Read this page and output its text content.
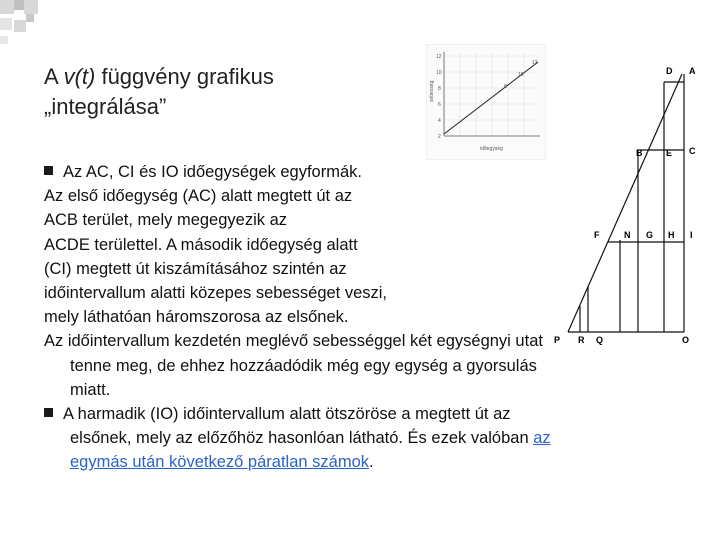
A v(t) függvény grafikus
„integrálása”
12
10
8
6
4
2
8
10
12
időegység
sebesség
D A
B	E C
F	N G H I
P R Q	O
Az AC, CI és IO időegységek egyformák.
Az első időegység (AC) alatt megtett út az
ACB terület, mely megegyezik az
ACDE területtel. A második időegység alatt
(CI) megtett út kiszámításához szintén az
időintervallum alatti közepes sebességet veszi,
mely láthatóan háromszorosa az elsőnek.
Az időintervallum kezdetén meglévő sebességgel két egységnyi utat
tenne meg, de ehhez hozzáadódik még egy egység a gyorsulás
miatt.
A harmadik (IO) időintervallum alatt ötszöröse a megtett út az
elsőnek, mely az előzőhöz hasonlóan látható. És ezek valóban az
egymás után következő páratlan számok.
